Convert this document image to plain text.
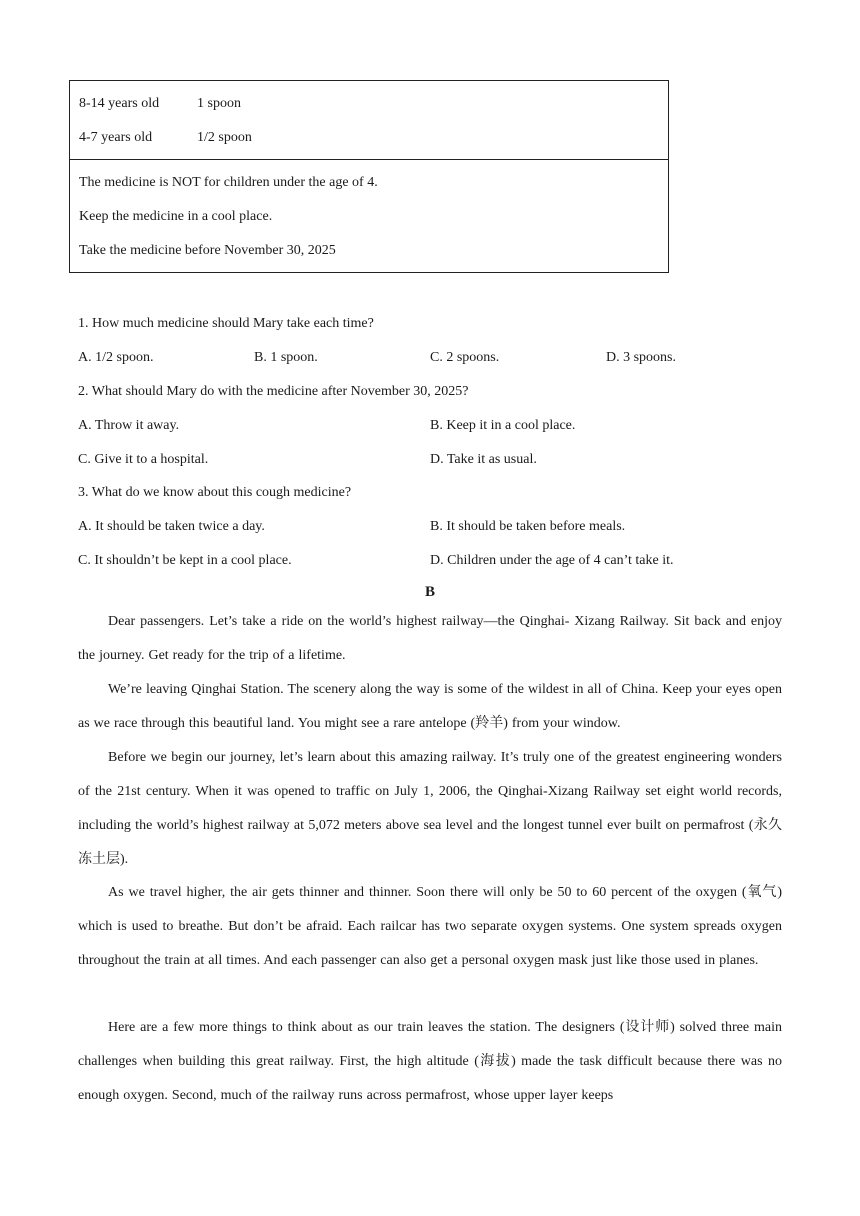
8-14 years old	1 spoon
4-7 years old	1/2 spoon
The medicine is NOT for children under the age of 4.
Keep the medicine in a cool place.
Take the medicine before November 30, 2025
1. How much medicine should Mary take each time?
A. 1/2 spoon.	B. 1 spoon.	C. 2 spoons.	D. 3 spoons.
2. What should Mary do with the medicine after November 30, 2025?
A. Throw it away.	B. Keep it in a cool place.
C. Give it to a hospital.	D. Take it as usual.
3. What do we know about this cough medicine?
A. It should be taken twice a day.	B. It should be taken before meals.
C. It shouldn’t be kept in a cool place.	D. Children under the age of 4 can’t take it.
B

Dear passengers. Let’s take a ride on the world’s highest railway—the Qinghai- Xizang Railway. Sit back and enjoy the journey. Get ready for the trip of a lifetime.

We’re leaving Qinghai Station. The scenery along the way is some of the wildest in all of China. Keep your eyes open as we race through this beautiful land. You might see a rare antelope (羚羊) from your window.

Before we begin our journey, let’s learn about this amazing railway. It’s truly one of the greatest engineering wonders of the 21st century. When it was opened to traffic on July 1, 2006, the Qinghai-Xizang Railway set eight world records, including the world’s highest railway at 5,072 meters above sea level and the longest tunnel ever built on permafrost (永久冻土层).

As we travel higher, the air gets thinner and thinner. Soon there will only be 50 to 60 percent of the oxygen (氧气) which is used to breathe. But don’t be afraid. Each railcar has two separate oxygen systems. One system spreads oxygen throughout the train at all times. And each passenger can also get a personal oxygen mask just like those used in planes.

Here are a few more things to think about as our train leaves the station. The designers (设计师) solved three main challenges when building this great railway. First, the high altitude (海拔) made the task difficult because there was no enough oxygen. Second, much of the railway runs across permafrost, whose upper layer keeps
